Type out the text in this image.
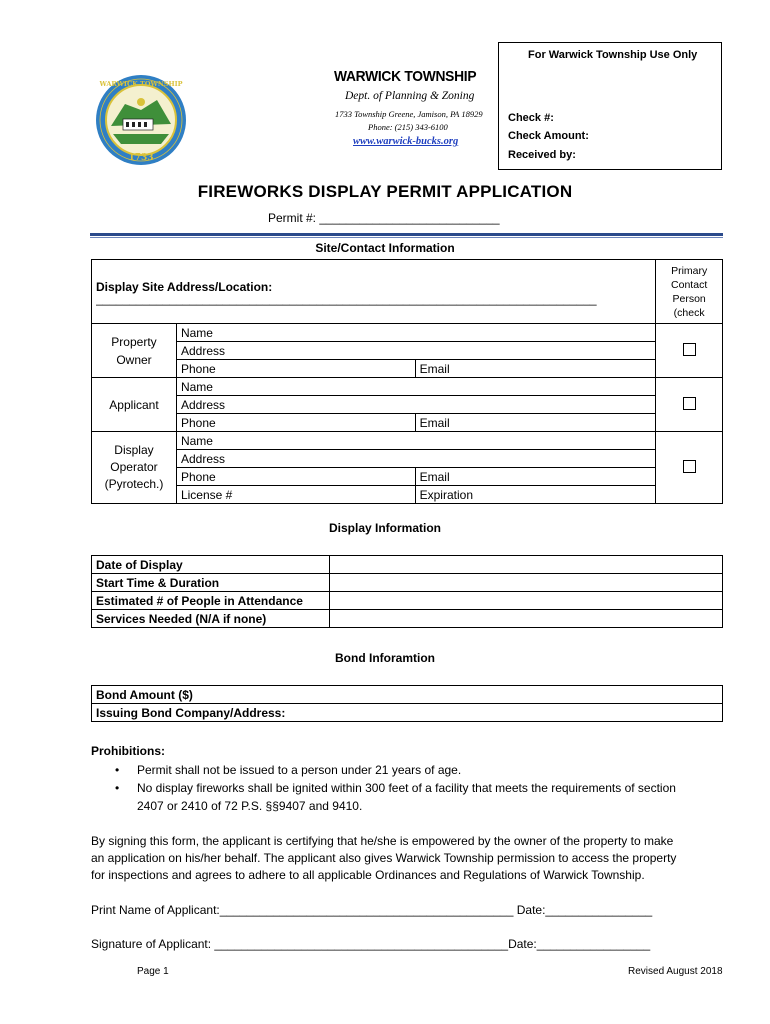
For Warwick Township Use Only
Check #:
Check Amount:
Received by:
1733
WARWICK TOWNSHIP	WARWICK TOWNSHIP
Dept. of Planning & Zoning
1733 Township Greene, Jamison, PA 18929
Phone: (215) 343-6100
www.warwick-bucks.org
FIREWORKS DISPLAY PERMIT APPLICATION
Permit #: ___________________________
Site/Contact Information
Display Site Address/Location:
___________________________________________________________________________			Primary Contact Person (check
Property Owner	Name		
	Address		
	Phone	Email	
Applicant	Name		
	Address		
	Phone	Email	
Display Operator (Pyrotech.)	Name		
	Address		
	Phone	Email	
	License #	Expiration	
Display Information
Date of Display	
Start Time & Duration	
Estimated # of People in Attendance	
Services Needed (N/A if none)	
Bond Inforamtion
Bond Amount ($)
Issuing Bond Company/Address:
Prohibitions:
• Permit shall not be issued to a person under 21 years of age.
• No display fireworks shall be ignited within 300 feet of a facility that meets the requirements of section
2407 or 2410 of 72 P.S. §§9407 and 9410.
By signing this form, the applicant is certifying that he/she is empowered by the owner of the property to make
an application on his/her behalf. The applicant also gives Warwick Township permission to access the property
for inspections and agrees to adhere to all applicable Ordinances and Regulations of Warwick Township.
Print Name of Applicant:____________________________________________ Date:________________
Signature of Applicant: ____________________________________________Date:_________________
Page 1	Revised August 2018
